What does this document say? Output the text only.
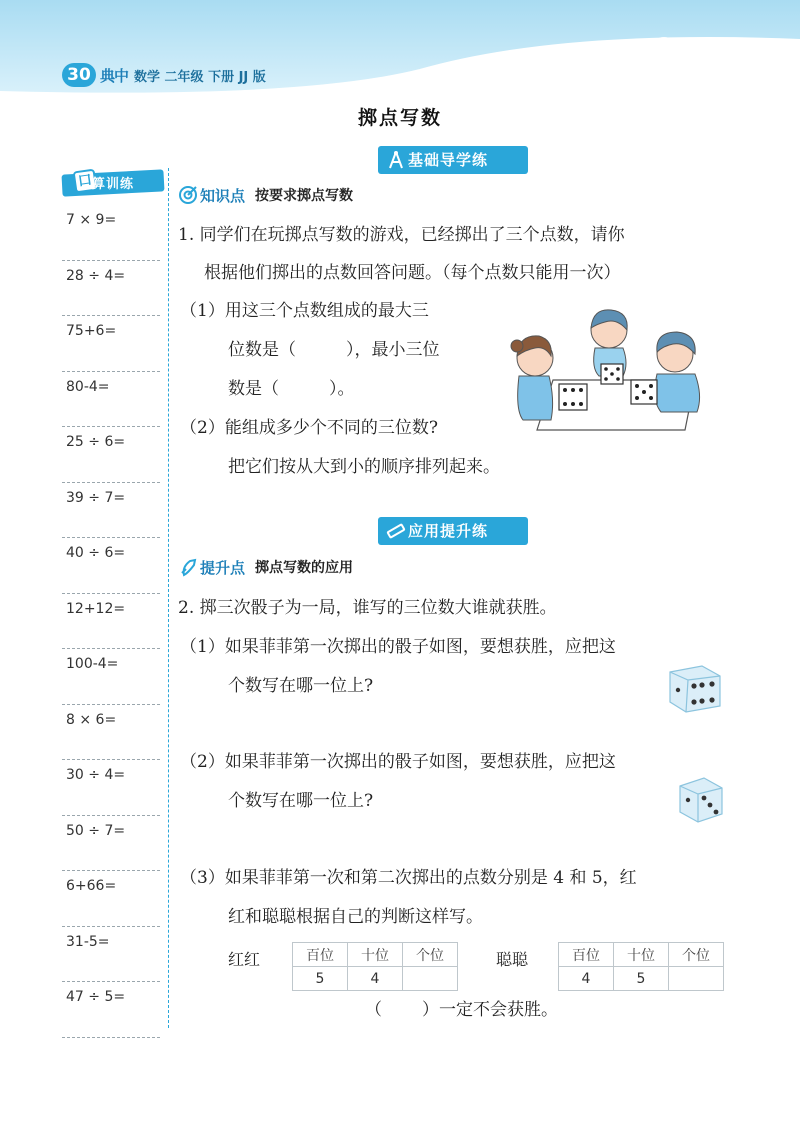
30 典中 数学 二年级 下册 JJ 版
掷点写数
基础导学练
口
算训练
7 × 9=
28 ÷ 4=
75+6=
80-4=
25 ÷ 6=
39 ÷ 7=
40 ÷ 6=
12+12=
100-4=
8 × 6=
30 ÷ 4=
50 ÷ 7=
6+66=
31-5=
47 ÷ 5=
知识点 按要求掷点写数
1. 同学们在玩掷点写数的游戏，已经掷出了三个点数，请你
根据他们掷出的点数回答问题。（每个点数只能用一次）
（1）用这三个点数组成的最大三
位数是（	），最小三位
数是（	）。
（2）能组成多少个不同的三位数?
把它们按从大到小的顺序排列起来。
应用提升练
提升点 掷点写数的应用
2. 掷三次骰子为一局，谁写的三位数大谁就获胜。
（1）如果菲菲第一次掷出的骰子如图，要想获胜，应把这
个数写在哪一位上?
（2）如果菲菲第一次掷出的骰子如图，要想获胜，应把这
个数写在哪一位上?
（3）如果菲菲第一次和第二次掷出的点数分别是 4 和 5，红
红和聪聪根据自己的判断这样写。
红红	百位	十位	个位
5	4	
聪聪	百位	十位	个位
4	5	
（ ）一定不会获胜。
